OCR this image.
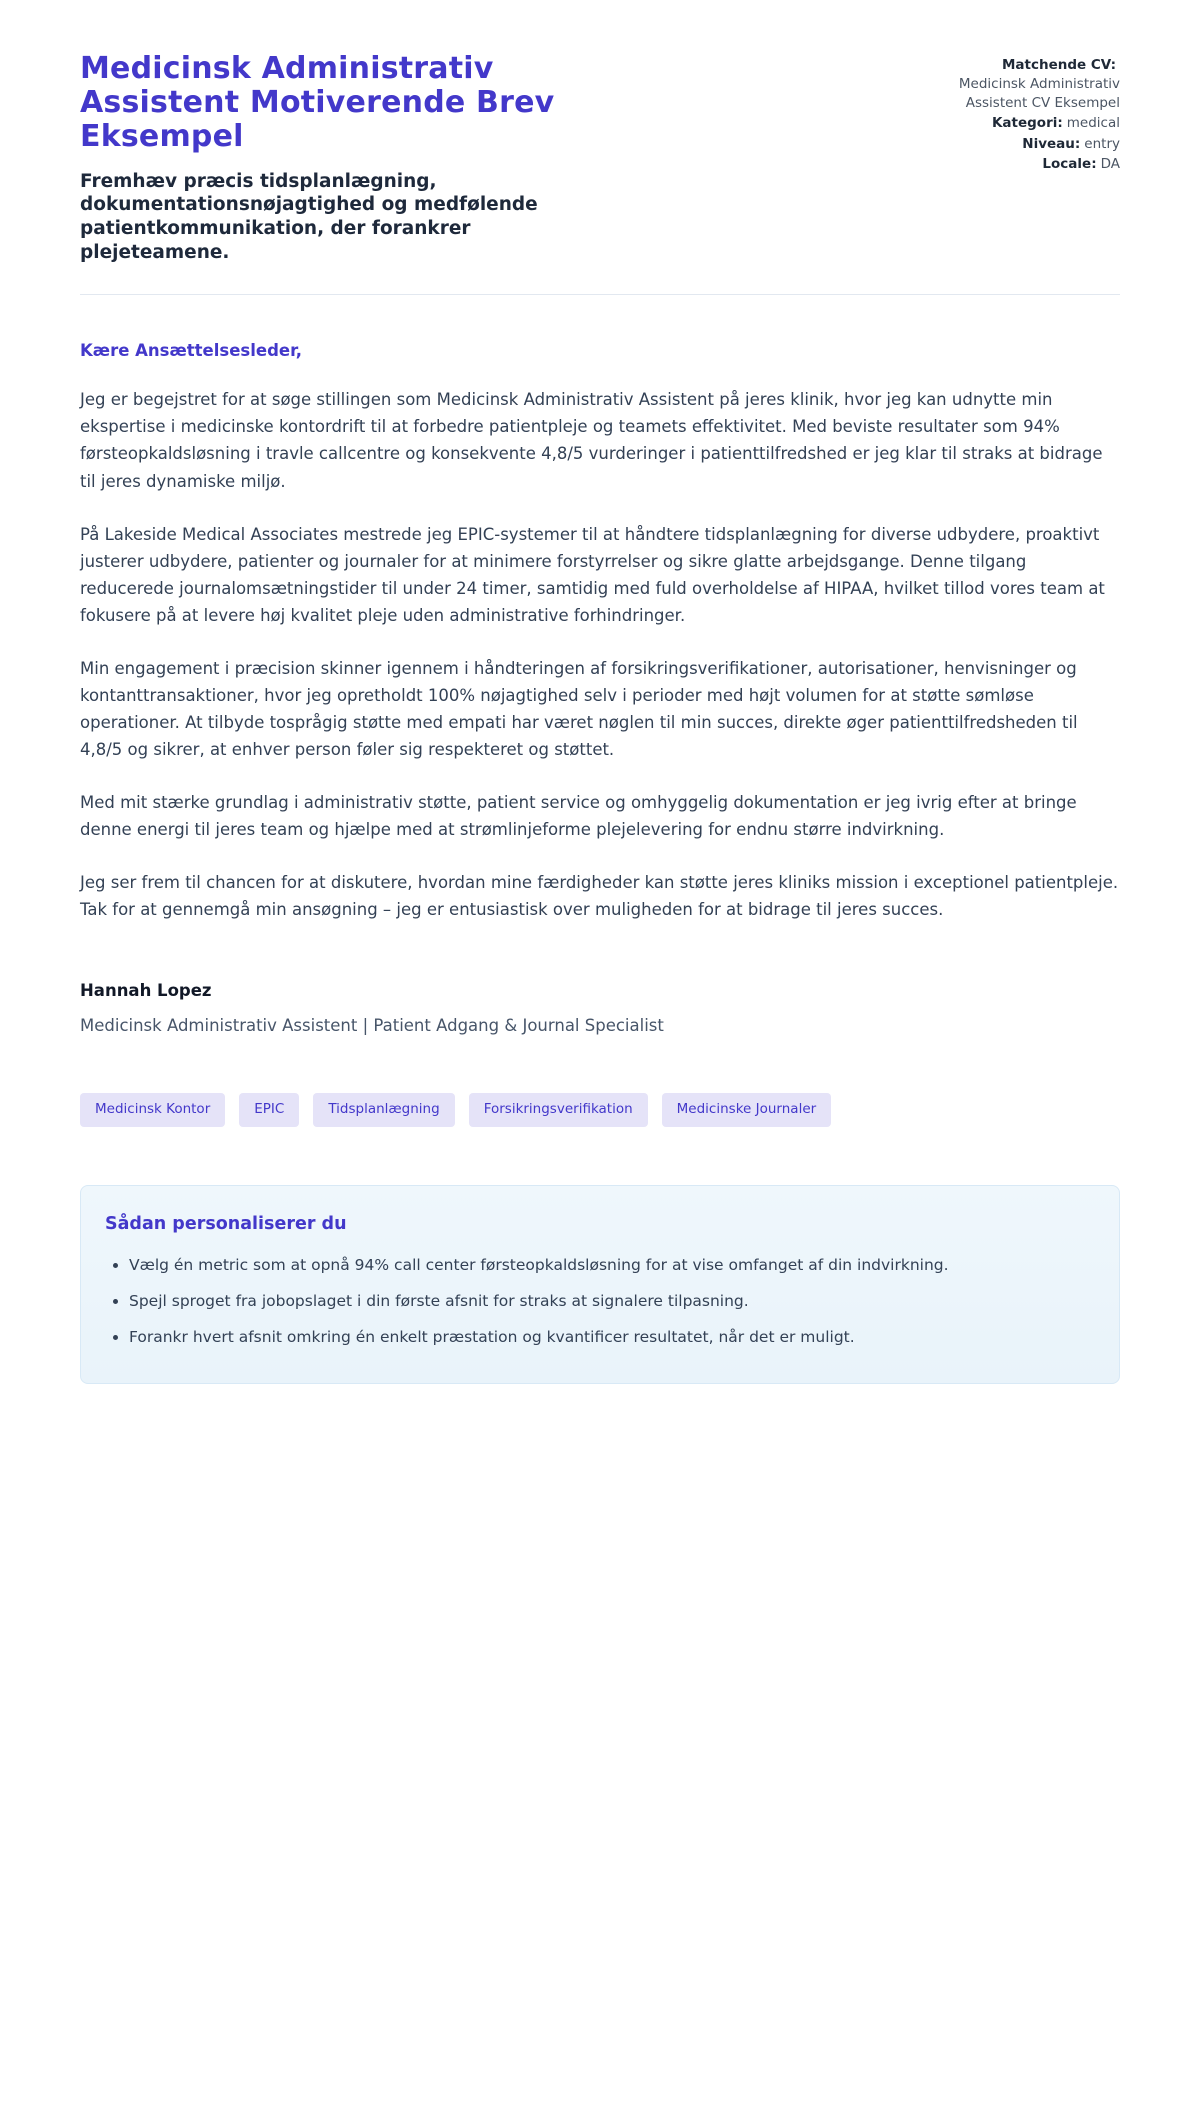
Medicinsk Administrativ Assistent Motiverende Brev Eksempel

Fremhæv præcis tidsplanlægning, dokumentationsnøjagtighed og medfølende patientkommunikation, der forankrer plejeteamene.

Matchende CV:
Medicinsk Administrativ Assistent CV Eksempel
Kategori: medical
Niveau: entry
Locale: DA

Kære Ansættelsesleder,

Jeg er begejstret for at søge stillingen som Medicinsk Administrativ Assistent på jeres klinik, hvor jeg kan udnytte min ekspertise i medicinske kontordrift til at forbedre patientpleje og teamets effektivitet. Med beviste resultater som 94% førsteopkaldsløsning i travle callcentre og konsekvente 4,8/5 vurderinger i patienttilfredshed er jeg klar til straks at bidrage til jeres dynamiske miljø.

På Lakeside Medical Associates mestrede jeg EPIC-systemer til at håndtere tidsplanlægning for diverse udbydere, proaktivt justerer udbydere, patienter og journaler for at minimere forstyrrelser og sikre glatte arbejdsgange. Denne tilgang reducerede journalomsætningstider til under 24 timer, samtidig med fuld overholdelse af HIPAA, hvilket tillod vores team at fokusere på at levere høj kvalitet pleje uden administrative forhindringer.

Min engagement i præcision skinner igennem i håndteringen af forsikringsverifikationer, autorisationer, henvisninger og kontanttransaktioner, hvor jeg opretholdt 100% nøjagtighed selv i perioder med højt volumen for at støtte sømløse operationer. At tilbyde tosprågig støtte med empati har været nøglen til min succes, direkte øger patienttilfredsheden til 4,8/5 og sikrer, at enhver person føler sig respekteret og støttet.

Med mit stærke grundlag i administrativ støtte, patient service og omhyggelig dokumentation er jeg ivrig efter at bringe denne energi til jeres team og hjælpe med at strømlinjeforme plejelevering for endnu større indvirkning.

Jeg ser frem til chancen for at diskutere, hvordan mine færdigheder kan støtte jeres kliniks mission i exceptionel patientpleje. Tak for at gennemgå min ansøgning – jeg er entusiastisk over muligheden for at bidrage til jeres succes.

Hannah Lopez

Medicinsk Administrativ Assistent | Patient Adgang & Journal Specialist

Medicinsk Kontor	EPIC	Tidsplanlægning	Forsikringsverifikation	Medicinske Journaler
Sådan personaliserer du
• Vælg én metric som at opnå 94% call center førsteopkaldsløsning for at vise omfanget af din indvirkning.
• Spejl sproget fra jobopslaget i din første afsnit for straks at signalere tilpasning.
• Forankr hvert afsnit omkring én enkelt præstation og kvantificer resultatet, når det er muligt.
